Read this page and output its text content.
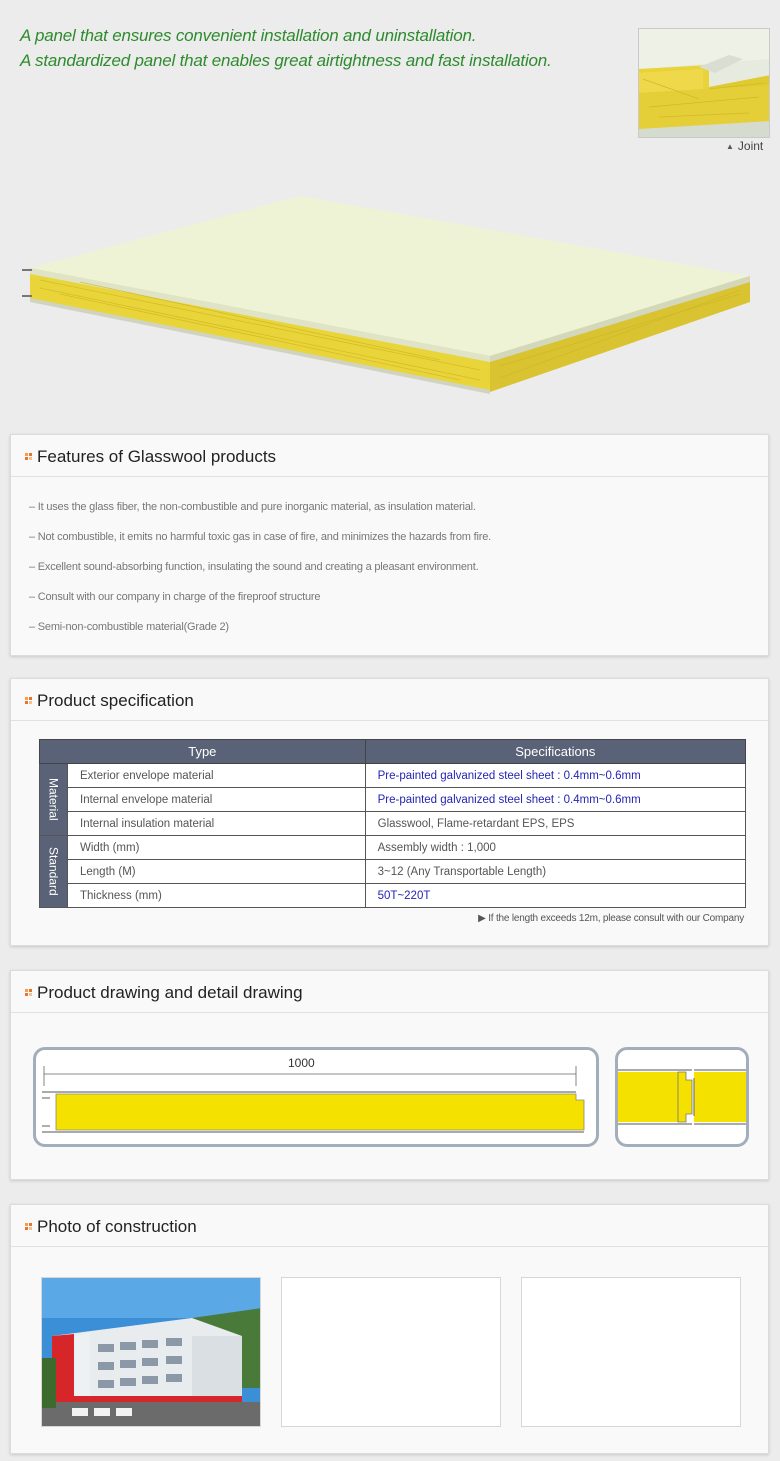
A panel that ensures convenient installation and uninstallation.
A standardized panel that enables great airtightness and fast installation.
▲ Joint
Features of Glasswool products
– It uses the glass fiber, the non-combustible and pure inorganic material, as insulation material.
– Not combustible, it emits no harmful toxic gas in case of fire, and minimizes the hazards from fire.
– Excellent sound-absorbing function, insulating the sound and creating a pleasant environment.
– Consult with our company in charge of the fireproof structure
– Semi-non-combustible material(Grade 2)
Product specification
Type		Specifications
Material	Exterior envelope material	Pre-painted galvanized steel sheet : 0.4mm~0.6mm
	Internal envelope material	Pre-painted galvanized steel sheet : 0.4mm~0.6mm
	Internal insulation material	Glasswool, Flame-retardant EPS, EPS
Standard	Width (mm)	Assembly width : 1,000
	Length (M)	3~12 (Any Transportable Length)
	Thickness (mm)	50T~220T
▶ If the length exceeds 12m, please consult with our Company
Product drawing and detail drawing
1000
Photo of construction
